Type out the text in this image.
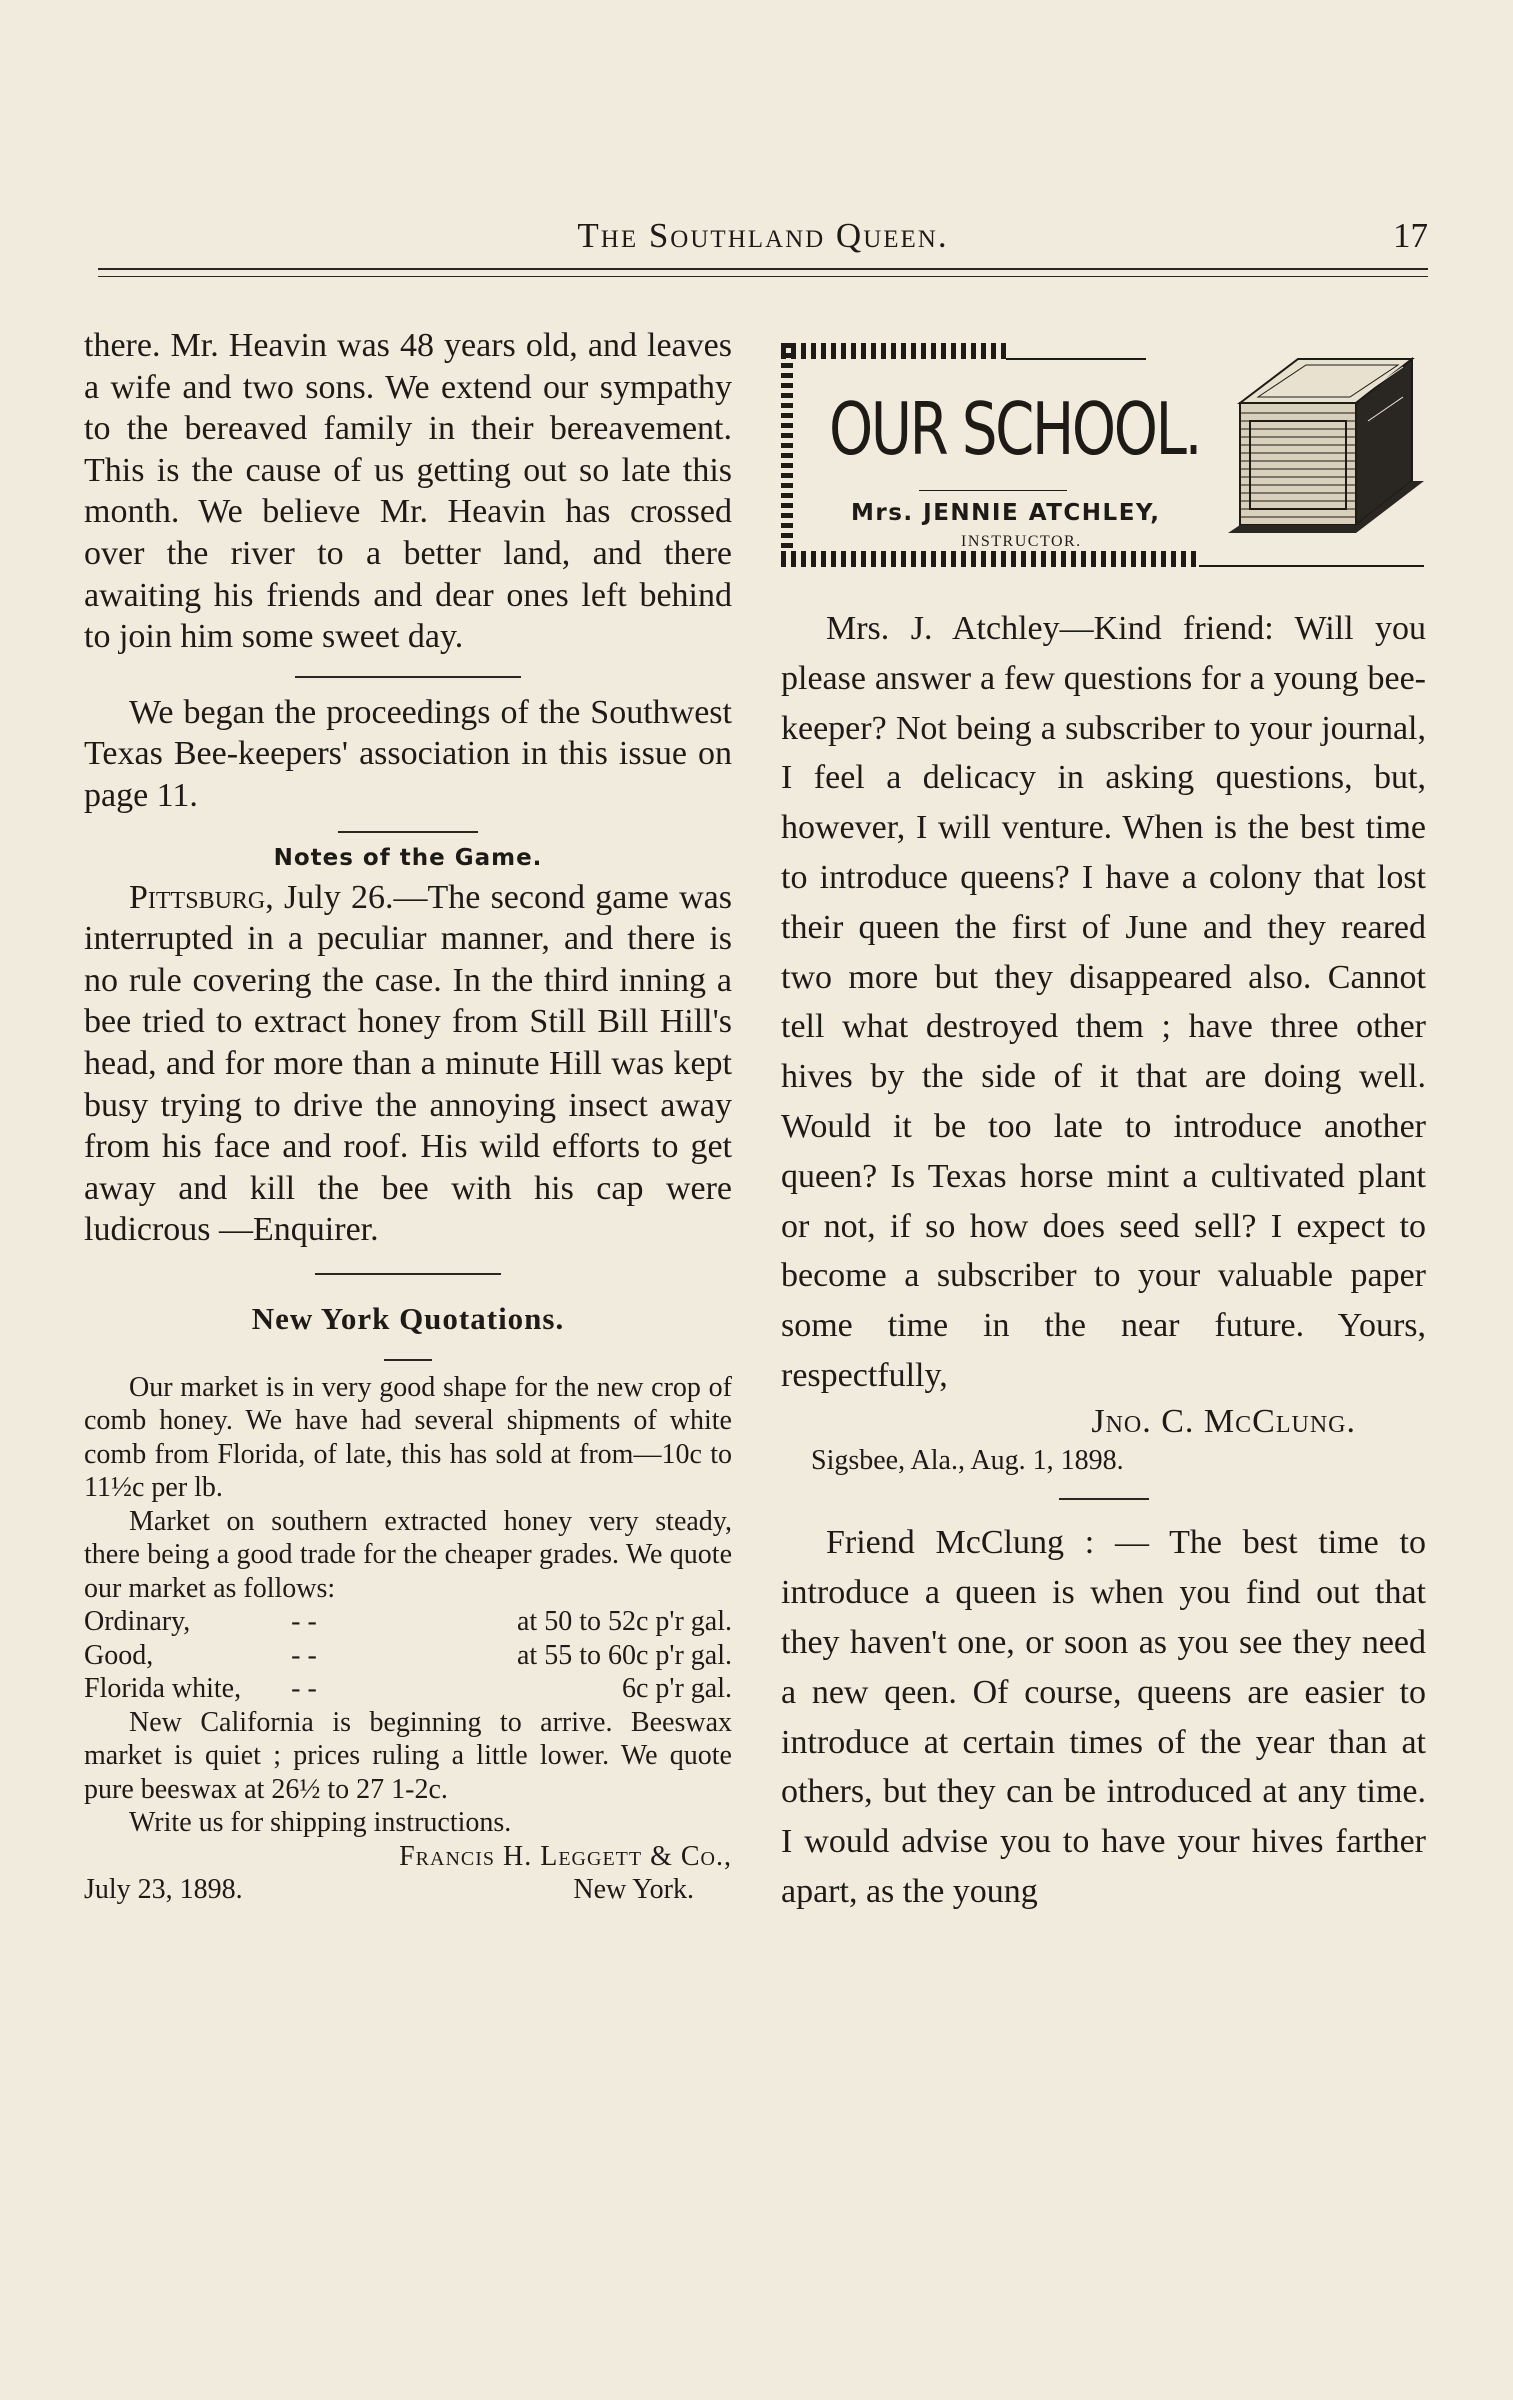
The Southland Queen.	17

there. Mr. Heavin was 48 years old, and leaves a wife and two sons. We extend our sympathy to the bereaved family in their bereavement. This is the cause of us getting out so late this month. We believe Mr. Heavin has crossed over the river to a better land, and there awaiting his friends and dear ones left behind to join him some sweet day.

We began the proceedings of the Southwest Texas Bee-keepers' association in this issue on page 11.

Notes of the Game.

Pittsburg, July 26.—The second game was interrupted in a peculiar manner, and there is no rule covering the case. In the third inning a bee tried to extract honey from Still Bill Hill's head, and for more than a minute Hill was kept busy trying to drive the annoying insect away from his face and roof. His wild efforts to get away and kill the bee with his cap were ludicrous —Enquirer.

New York Quotations.

Our market is in very good shape for the new crop of comb honey. We have had several shipments of white comb from Florida, of late, this has sold at from—10c to 11½c per lb.

Market on southern extracted honey very steady, there being a good trade for the cheaper grades. We quote our market as follows:

Ordinary,	- -	at 50 to 52c p'r gal.
Good,	- -	at 55 to 60c p'r gal.
Florida white,	- -	6c p'r gal.

New California is beginning to arrive. Beeswax market is quiet ; prices ruling a little lower. We quote pure beeswax at 26½ to 27 1-2c.

Write us for shipping instructions.

Francis H. Leggett & Co.,
July 23, 1898.	New York.
OUR SCHOOL.
Mrs. JENNIE ATCHLEY,
INSTRUCTOR.

Mrs. J. Atchley—Kind friend: Will you please answer a few questions for a young bee-keeper? Not being a subscriber to your journal, I feel a delicacy in asking questions, but, however, I will venture. When is the best time to introduce queens? I have a colony that lost their queen the first of June and they reared two more but they disappeared also. Cannot tell what destroyed them ; have three other hives by the side of it that are doing well. Would it be too late to introduce another queen? Is Texas horse mint a cultivated plant or not, if so how does seed sell? I expect to become a subscriber to your valuable paper some time in the near future. Yours, respectfully,

Jno. C. McClung.

Sigsbee, Ala., Aug. 1, 1898.

Friend McClung : — The best time to introduce a queen is when you find out that they haven't one, or soon as you see they need a new qeen. Of course, queens are easier to introduce at certain times of the year than at others, but they can be introduced at any time. I would advise you to have your hives farther apart, as the young
